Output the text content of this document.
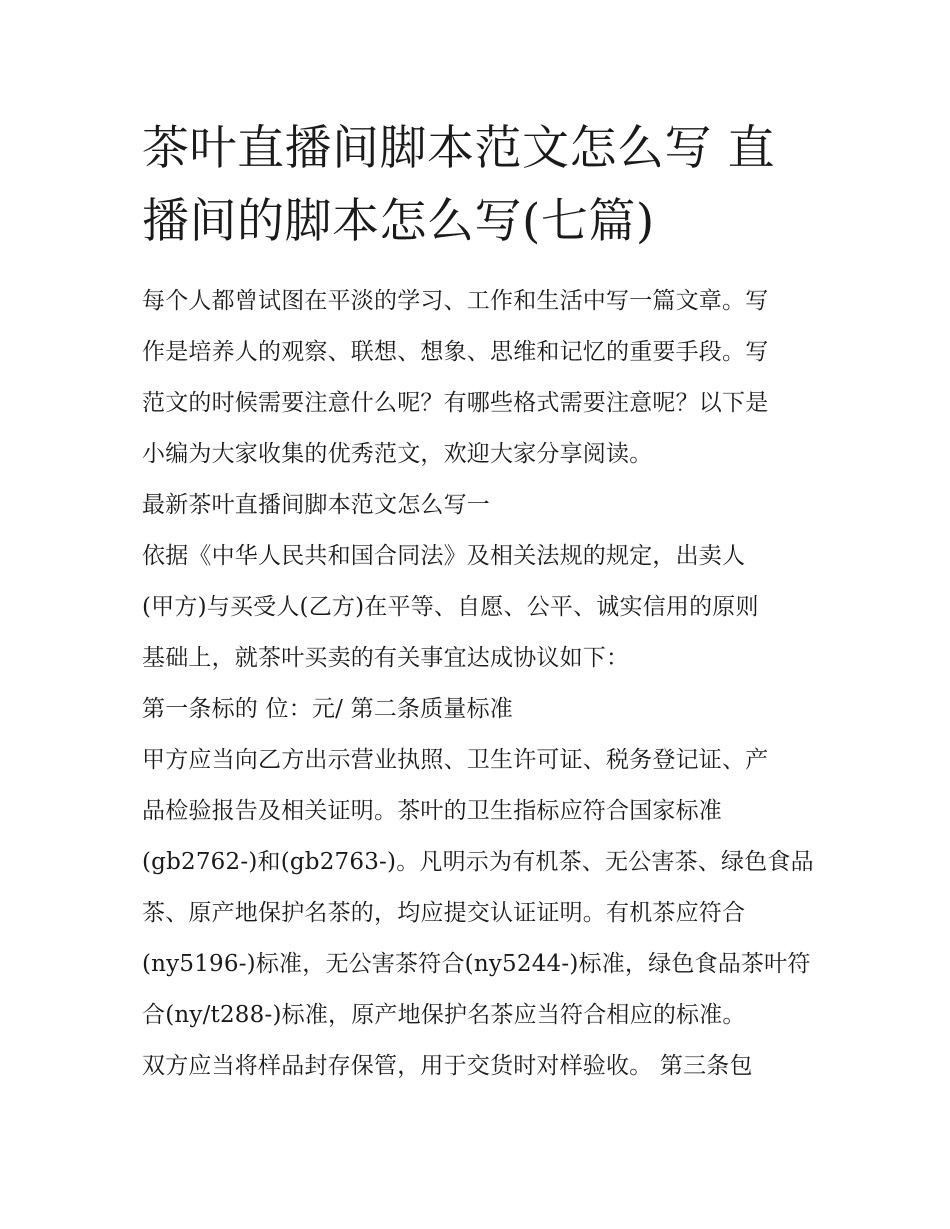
茶叶直播间脚本范文怎么写 直
播间的脚本怎么写(七篇)
每个人都曾试图在平淡的学习、工作和生活中写一篇文章。写
作是培养人的观察、联想、想象、思维和记忆的重要手段。写
范文的时候需要注意什么呢？有哪些格式需要注意呢？以下是
小编为大家收集的优秀范文，欢迎大家分享阅读。
最新茶叶直播间脚本范文怎么写一
依据《中华人民共和国合同法》及相关法规的规定，出卖人
(甲方)与买受人(乙方)在平等、自愿、公平、诚实信用的原则
基础上，就茶叶买卖的有关事宜达成协议如下：
第一条标的 位：元/ 第二条质量标准
甲方应当向乙方出示营业执照、卫生许可证、税务登记证、产
品检验报告及相关证明。茶叶的卫生指标应符合国家标准
(gb2762-)和(gb2763-)。凡明示为有机茶、无公害茶、绿色食品
茶、原产地保护名茶的，均应提交认证证明。有机茶应符合
(ny5196-)标准，无公害茶符合(ny5244-)标准，绿色食品茶叶符
合(ny/t288-)标准，原产地保护名茶应当符合相应的标准。
双方应当将样品封存保管，用于交货时对样验收。 第三条包
